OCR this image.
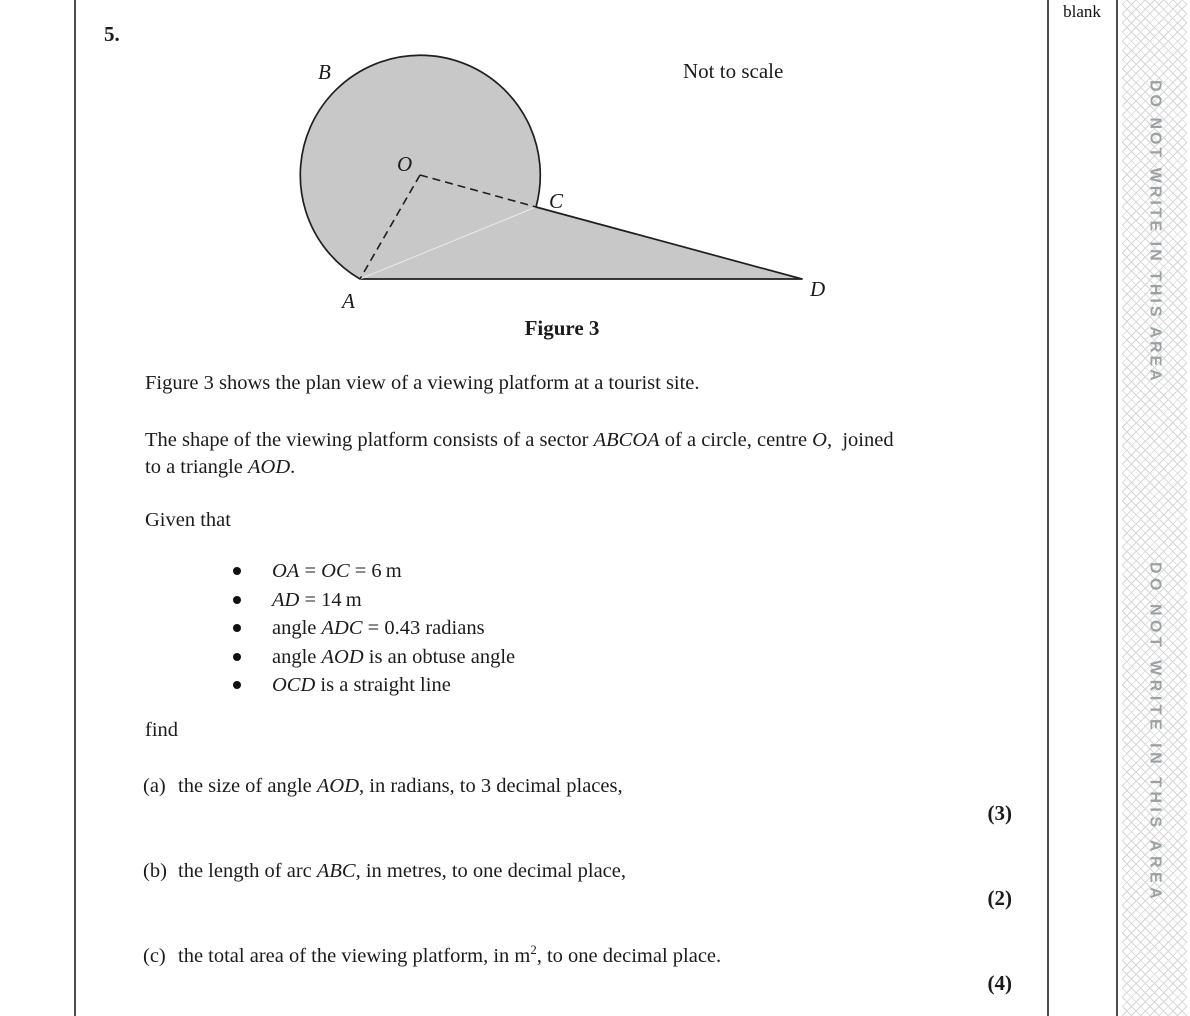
blank
DO NOT WRITE IN THIS AREA
DO NOT WRITE IN THIS AREA
5.
B
O
C
A	D
Not to scale
Figure 3
Figure 3 shows the plan view of a viewing platform at a tourist site.
The shape of the viewing platform consists of a sector ABCOA of a circle, centre O,  joined
to a triangle AOD.
Given that
OA = OC = 6 m
AD = 14 m
angle ADC = 0.43 radians
angle AOD is an obtuse angle
OCD is a straight line
find
(a) the size of angle AOD, in radians, to 3 decimal places,
(3)
(b) the length of arc ABC, in metres, to one decimal place,
(2)
(c) the total area of the viewing platform, in $m^2$, to one decimal place.
(4)
